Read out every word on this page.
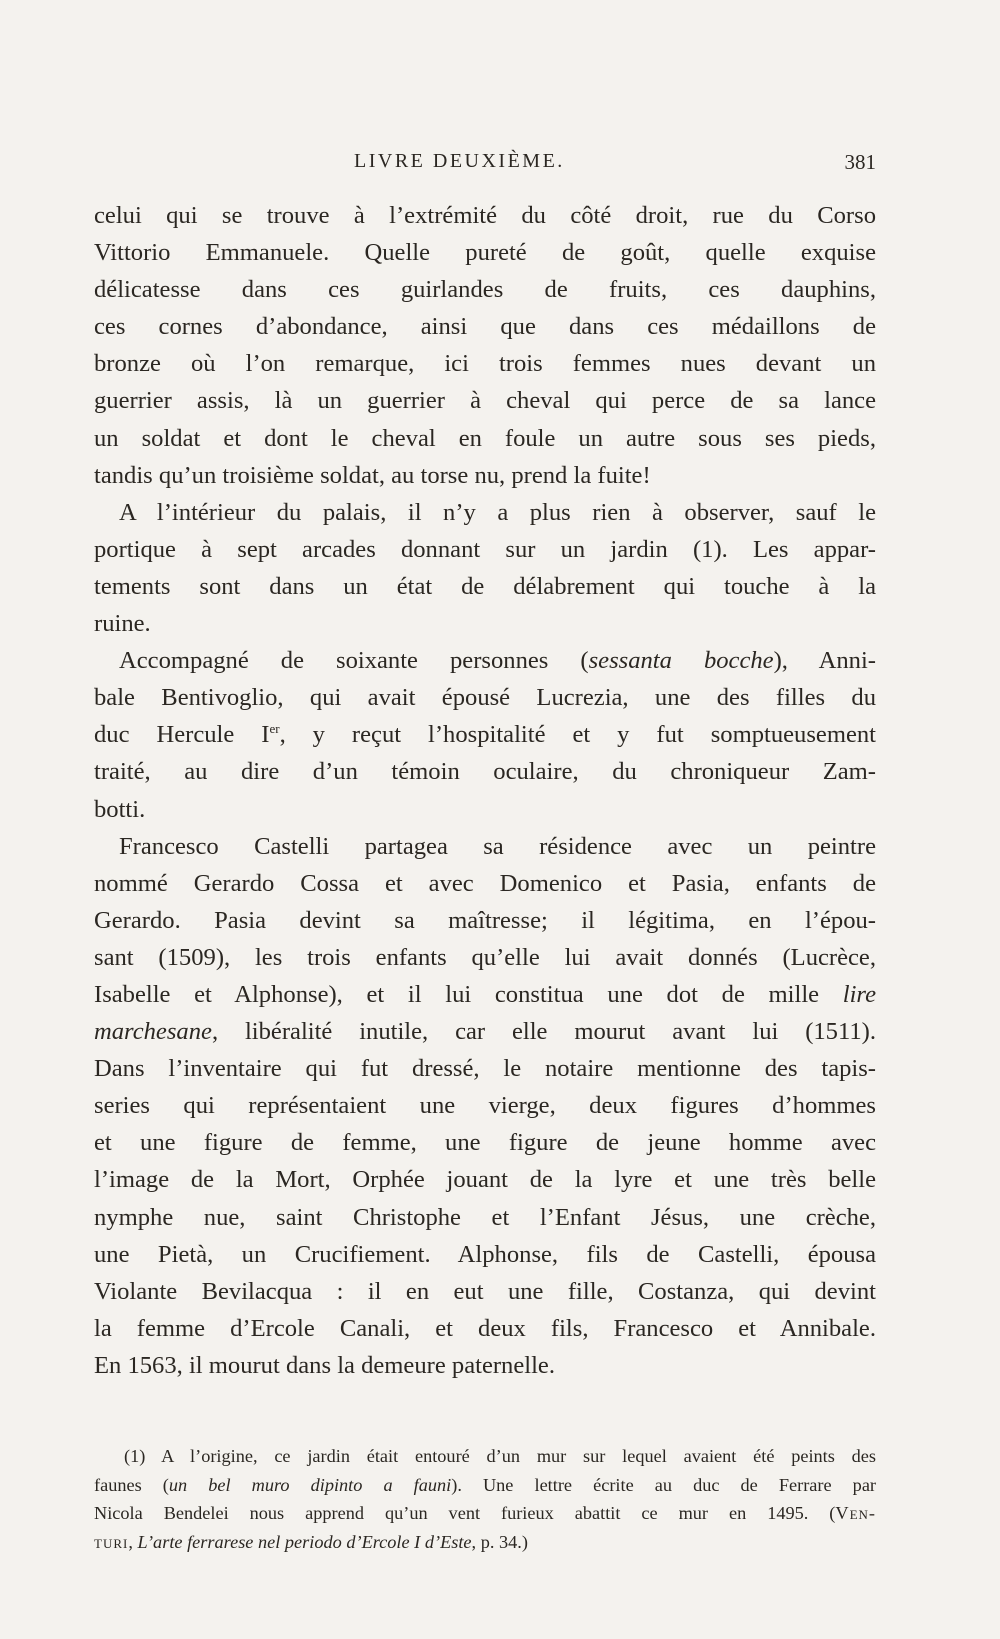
LIVRE DEUXIÈME.	381

celui qui se trouve à l’extrémité du côté droit, rue du Corso
Vittorio Emmanuele. Quelle pureté de goût, quelle exquise
délicatesse dans ces guirlandes de fruits, ces dauphins,
ces cornes d’abondance, ainsi que dans ces médaillons de
bronze où l’on remarque, ici trois femmes nues devant un
guerrier assis, là un guerrier à cheval qui perce de sa lance
un soldat et dont le cheval en foule un autre sous ses pieds,
tandis qu’un troisième soldat, au torse nu, prend la fuite!

A l’intérieur du palais, il n’y a plus rien à observer, sauf le
portique à sept arcades donnant sur un jardin (1). Les appar-
tements sont dans un état de délabrement qui touche à la
ruine.

Accompagné de soixante personnes (sessanta bocche), Anni-
bale Bentivoglio, qui avait épousé Lucrezia, une des filles du
duc Hercule Ier, y reçut l’hospitalité et y fut somptueusement
traité, au dire d’un témoin oculaire, du chroniqueur Zam-
botti.

Francesco Castelli partagea sa résidence avec un peintre
nommé Gerardo Cossa et avec Domenico et Pasia, enfants de
Gerardo. Pasia devint sa maîtresse; il légitima, en l’épou-
sant (1509), les trois enfants qu’elle lui avait donnés (Lucrèce,
Isabelle et Alphonse), et il lui constitua une dot de mille lire
marchesane, libéralité inutile, car elle mourut avant lui (1511).
Dans l’inventaire qui fut dressé, le notaire mentionne des tapis-
series qui représentaient une vierge, deux figures d’hommes
et une figure de femme, une figure de jeune homme avec
l’image de la Mort, Orphée jouant de la lyre et une très belle
nymphe nue, saint Christophe et l’Enfant Jésus, une crèche,
une Pietà, un Crucifiement. Alphonse, fils de Castelli, épousa
Violante Bevilacqua : il en eut une fille, Costanza, qui devint
la femme d’Ercole Canali, et deux fils, Francesco et Annibale.
En 1563, il mourut dans la demeure paternelle.

(1) A l’origine, ce jardin était entouré d’un mur sur lequel avaient été peints des
faunes (un bel muro dipinto a fauni). Une lettre écrite au duc de Ferrare par
Nicola Bendelei nous apprend qu’un vent furieux abattit ce mur en 1495. (Ven-
turi, L’arte ferrarese nel periodo d’Ercole I d’Este, p. 34.)
